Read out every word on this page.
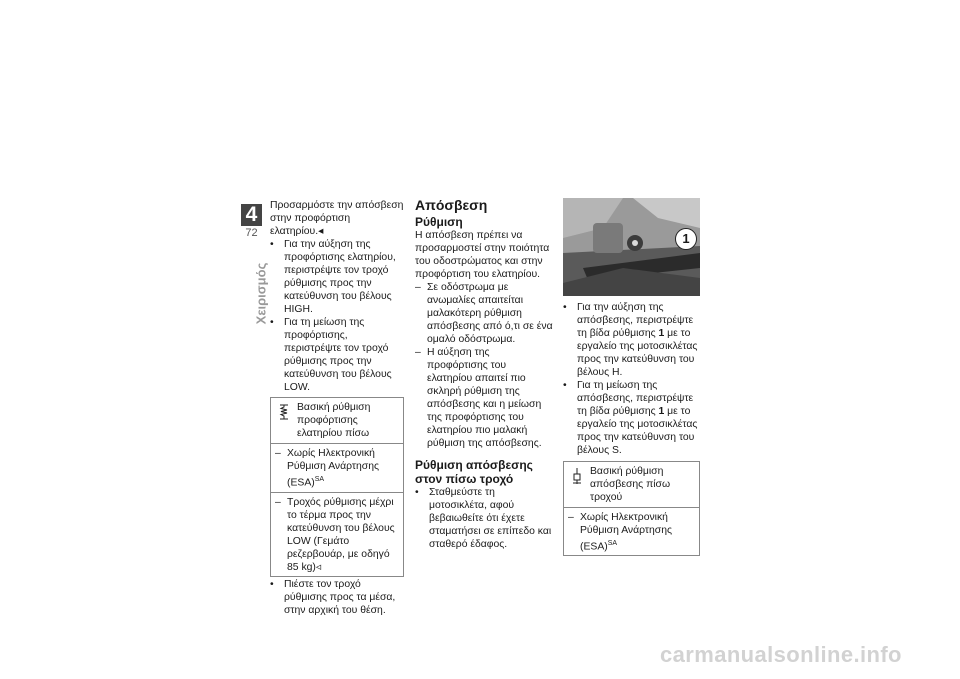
4
72
Χειρισμός

Προσαρμόστε την απόσβεση στην προφόρτιση ελατηρίου.◂

• Για την αύξηση της προφόρτισης ελατηρίου, περιστρέψτε τον τροχό ρύθμισης προς την κατεύθυνση του βέλους HIGH.

• Για τη μείωση της προφόρτισης, περιστρέψτε τον τροχό ρύθμισης προς την κατεύθυνση του βέλους LOW.

Βασική ρύθμιση προφόρτισης ελατηρίου πίσω

– Χωρίς Ηλεκτρονική Ρύθμιση Ανάρτησης (ESA)$^{SA}$

– Τροχός ρύθμισης μέχρι το τέρμα προς την κατεύθυνση του βέλους LOW (Γεμάτο ρεζερβουάρ, με οδηγό 85 kg)◃

• Πιέστε τον τροχό ρύθμισης προς τα μέσα, στην αρχική του θέση.

Απόσβεση
Ρύθμιση

Η απόσβεση πρέπει να προσαρμοστεί στην ποιότητα του οδοστρώματος και στην προφόρτιση του ελατηρίου.

– Σε οδόστρωμα με ανωμαλίες απαιτείται μαλακότερη ρύθμιση απόσβεσης από ό,τι σε ένα ομαλό οδόστρωμα.

– Η αύξηση της προφόρτισης του ελατηρίου απαιτεί πιο σκληρή ρύθμιση της απόσβεσης και η μείωση της προφόρτισης του ελατηρίου πιο μαλακή ρύθμιση της απόσβεσης.

Ρύθμιση απόσβεσης στον πίσω τροχό

• Σταθμεύστε τη μοτοσικλέτα, αφού βεβαιωθείτε ότι έχετε σταματήσει σε επίπεδο και σταθερό έδαφος.

1

• Για την αύξηση της απόσβεσης, περιστρέψτε τη βίδα ρύθμισης 1 με το εργαλείο της μοτοσικλέτας προς την κατεύθυνση του βέλους H.

• Για τη μείωση της απόσβεσης, περιστρέψτε τη βίδα ρύθμισης 1 με το εργαλείο της μοτοσικλέτας προς την κατεύθυνση του βέλους S.

Βασική ρύθμιση απόσβεσης πίσω τροχού

– Χωρίς Ηλεκτρονική Ρύθμιση Ανάρτησης (ESA)$^{SA}$

carmanualsonline.info
